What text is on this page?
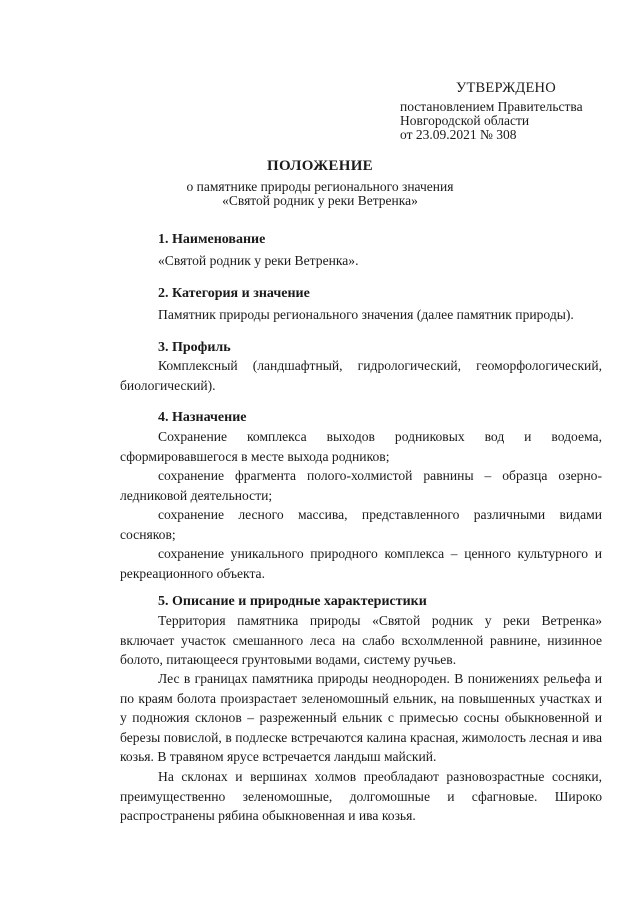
УТВЕРЖДЕНО
постановлением Правительства
Новгородской области
от 23.09.2021 № 308
ПОЛОЖЕНИЕ
о памятнике природы регионального значения
«Святой родник у реки Ветренка»
1. Наименование

«Святой родник у реки Ветренка».

2. Категория и значение

Памятник природы регионального значения (далее памятник природы).

3. Профиль

Комплексный (ландшафтный, гидрологический, геоморфологический, биологический).

4. Назначение

Сохранение комплекса выходов родниковых вод и водоема, сформировавшегося в месте выхода родников;

сохранение фрагмента полого-холмистой равнины – образца озерно-ледниковой деятельности;

сохранение лесного массива, представленного различными видами сосняков;

сохранение уникального природного комплекса – ценного культурного и рекреационного объекта.

5. Описание и природные характеристики

Территория памятника природы «Святой родник у реки Ветренка» включает участок смешанного леса на слабо всхолмленной равнине, низинное болото, питающееся грунтовыми водами, систему ручьев.

Лес в границах памятника природы неоднороден. В понижениях рельефа и по краям болота произрастает зеленомошный ельник, на повышенных участках и у подножия склонов – разреженный ельник с примесью сосны обыкновенной и березы повислой, в подлеске встречаются калина красная, жимолость лесная и ива козья. В травяном ярусе встречается ландыш майский.

На склонах и вершинах холмов преобладают разновозрастные сосняки, преимущественно зеленомошные, долгомошные и сфагновые. Широко распространены рябина обыкновенная и ива козья.
